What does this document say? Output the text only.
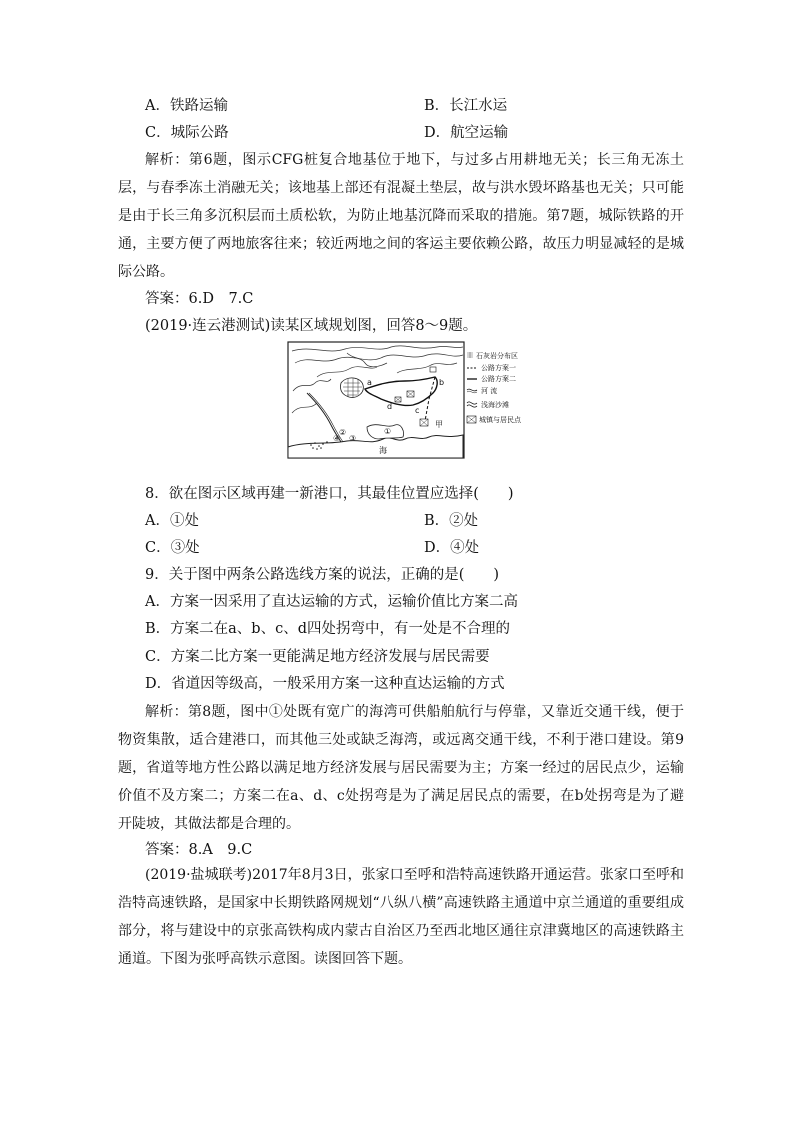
A．铁路运输	B．长江水运
C．城际公路	D．航空运输
解析：第6题，图示CFG桩复合地基位于地下，与过多占用耕地无关；长三角无冻土层，与春季冻土消融无关；该地基上部还有混凝土垫层，故与洪水毁坏路基也无关；只可能是由于长三角多沉积层而土质松软，为防止地基沉降而采取的措施。第7题，城际铁路的开通，主要方便了两地旅客往来；较近两地之间的客运主要依赖公路，故压力明显减轻的是城际公路。
答案：6.D　7.C
(2019·连云港测试)读某区域规划图，回答8～9题。
①
②
③
④
甲
海
a	b
c
d
石灰岩分布区
公路方案一
公路方案二
河 流
浅海沙滩
城镇与居民点
8．欲在图示区域再建一新港口，其最佳位置应选择(　　)
A．①处	B．②处
C．③处	D．④处
9．关于图中两条公路选线方案的说法，正确的是(　　)
A．方案一因采用了直达运输的方式，运输价值比方案二高
B．方案二在a、b、c、d四处拐弯中，有一处是不合理的
C．方案二比方案一更能满足地方经济发展与居民需要
D．省道因等级高，一般采用方案一这种直达运输的方式
解析：第8题，图中①处既有宽广的海湾可供船舶航行与停靠，又靠近交通干线，便于物资集散，适合建港口，而其他三处或缺乏海湾，或远离交通干线，不利于港口建设。第9题，省道等地方性公路以满足地方经济发展与居民需要为主；方案一经过的居民点少，运输价值不及方案二；方案二在a、d、c处拐弯是为了满足居民点的需要，在b处拐弯是为了避开陡坡，其做法都是合理的。
答案：8.A　9.C
(2019·盐城联考)2017年8月3日，张家口至呼和浩特高速铁路开通运营。张家口至呼和浩特高速铁路，是国家中长期铁路网规划“八纵八横”高速铁路主通道中京兰通道的重要组成部分，将与建设中的京张高铁构成内蒙古自治区乃至西北地区通往京津冀地区的高速铁路主通道。下图为张呼高铁示意图。读图回答下题。
